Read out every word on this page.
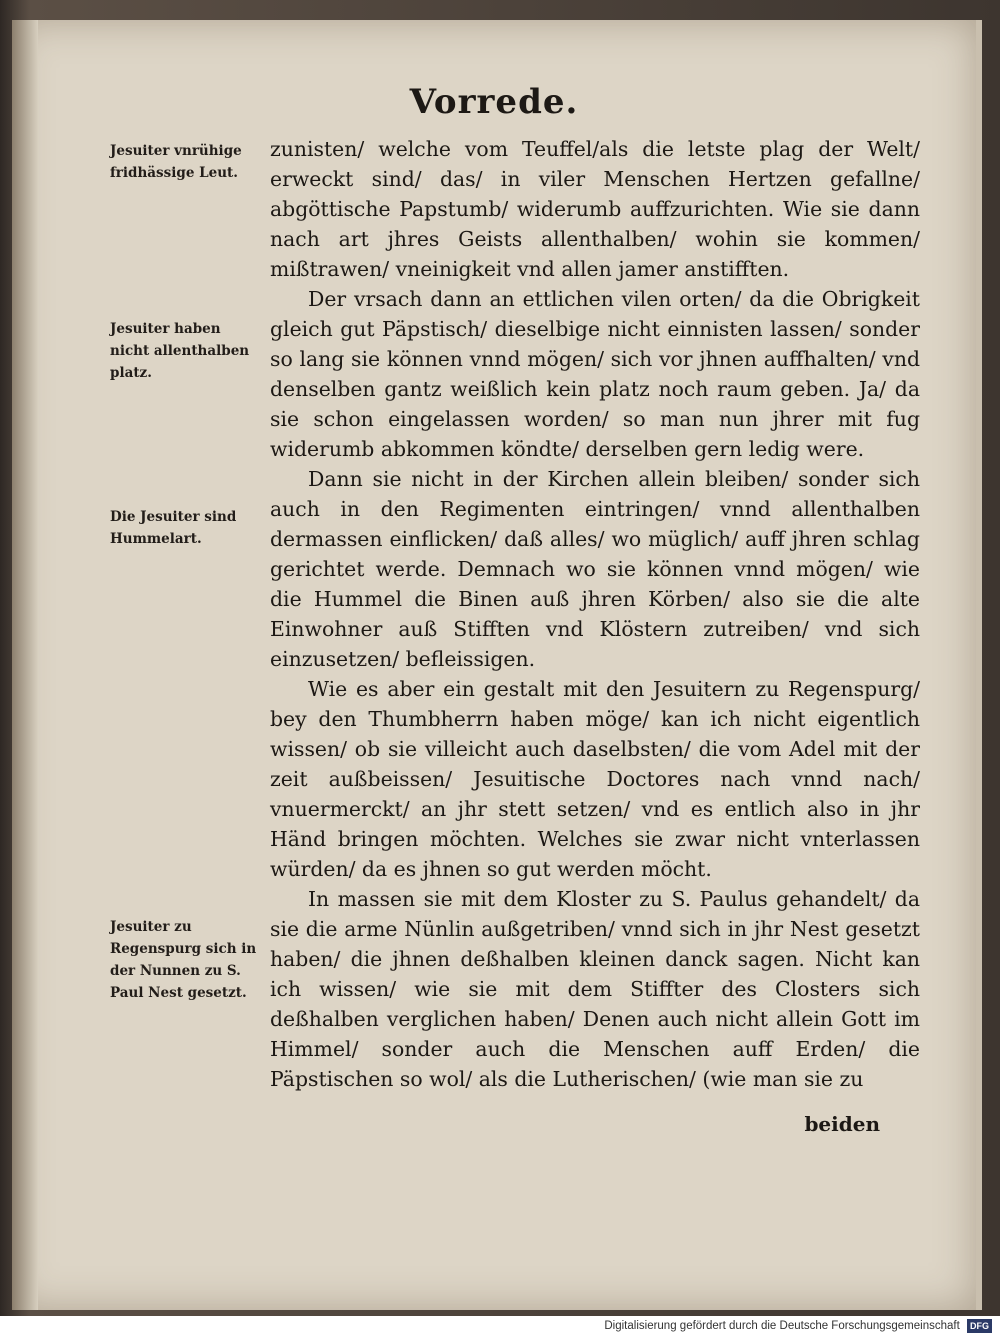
Vorrede.
Jesuiter vnrühige fridhässige Leut.
Jesuiter haben nicht allenthalben platz.
Die Jesuiter sind Hummelart.
Jesuiter zu Regenspurg sich in der Nunnen zu S. Paul Nest gesetzt.

zunisten/ welche vom Teuffel/als die letste plag der Welt/ erweckt sind/ das/ in viler Menschen Hertzen gefallne/ abgöttische Papstumb/ widerumb auffzurichten. Wie sie dann nach art jhres Geists allenthalben/ wohin sie kommen/ mißtrawen/ vneinigkeit vnd allen jamer anstifften.

Der vrsach dann an ettlichen vilen orten/ da die Obrigkeit gleich gut Päpstisch/ dieselbige nicht einnisten lassen/ sonder so lang sie können vnnd mögen/ sich vor jhnen auffhalten/ vnd denselben gantz weißlich kein platz noch raum geben. Ja/ da sie schon eingelassen worden/ so man nun jhrer mit fug widerumb abkommen köndte/ derselben gern ledig were.

Dann sie nicht in der Kirchen allein bleiben/ sonder sich auch in den Regimenten eintringen/ vnnd allenthalben dermassen einflicken/ daß alles/ wo müglich/ auff jhren schlag gerichtet werde. Demnach wo sie können vnnd mögen/ wie die Hummel die Binen auß jhren Körben/ also sie die alte Einwohner auß Stifften vnd Klöstern zutreiben/ vnd sich einzusetzen/ befleissigen.

Wie es aber ein gestalt mit den Jesuitern zu Regenspurg/ bey den Thumbherrn haben möge/ kan ich nicht eigentlich wissen/ ob sie villeicht auch daselbsten/ die vom Adel mit der zeit außbeissen/ Jesuitische Doctores nach vnnd nach/ vnuermerckt/ an jhr stett setzen/ vnd es entlich also in jhr Händ bringen möchten. Welches sie zwar nicht vnterlassen würden/ da es jhnen so gut werden möcht.

In massen sie mit dem Kloster zu S. Paulus gehandelt/ da sie die arme Nünlin außgetriben/ vnnd sich in jhr Nest gesetzt haben/ die jhnen deßhalben kleinen danck sagen. Nicht kan ich wissen/ wie sie mit dem Stiffter des Closters sich deßhalben verglichen haben/ Denen auch nicht allein Gott im Himmel/ sonder auch die Menschen auff Erden/ die Päpstischen so wol/ als die Lutherischen/ (wie man sie zu

beiden
Digitalisierung gefördert durch die Deutsche Forschungsgemeinschaft DFG
